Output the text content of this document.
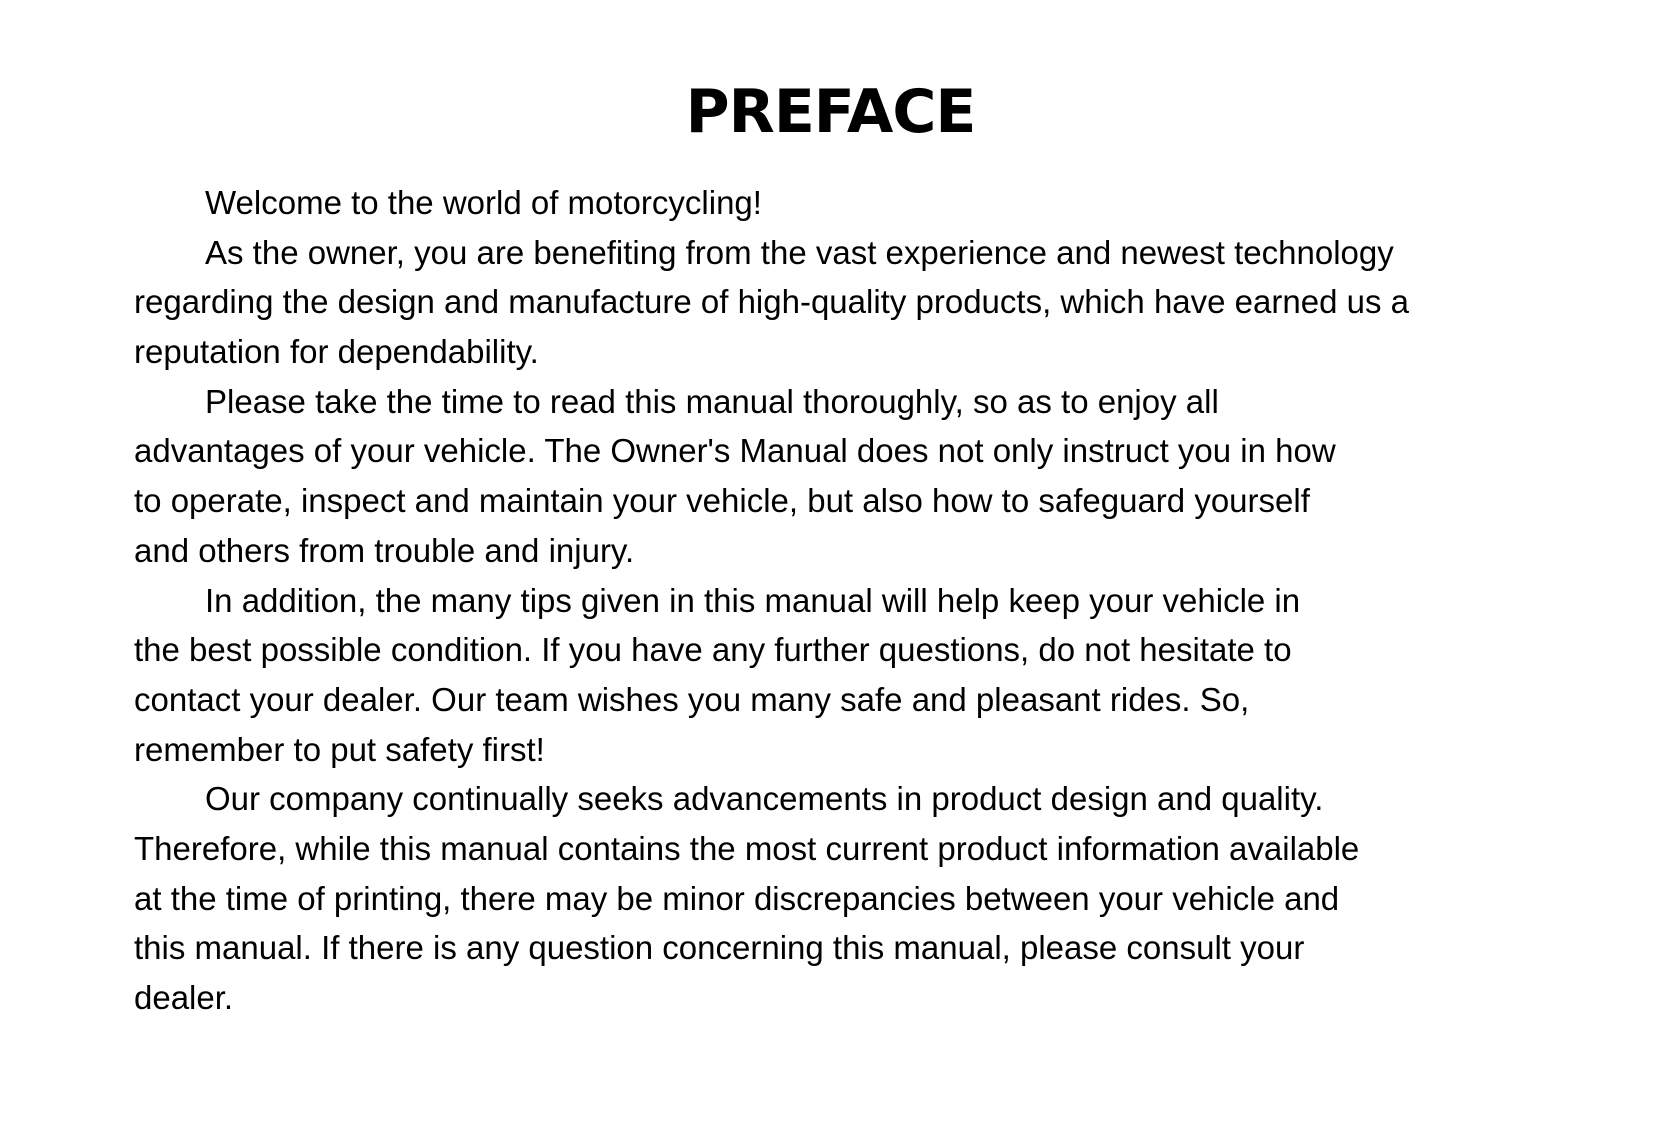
PREFACE
Welcome to the world of motorcycling!
As the owner, you are benefiting from the vast experience and newest technology
regarding the design and manufacture of high-quality products, which have earned us a
reputation for dependability.
Please take the time to read this manual thoroughly, so as to enjoy all
advantages of your vehicle. The Owner's Manual does not only instruct you in how
to operate, inspect and maintain your vehicle, but also how to safeguard yourself
and others from trouble and injury.
In addition, the many tips given in this manual will help keep your vehicle in
the best possible condition. If you have any further questions, do not hesitate to
contact your dealer. Our team wishes you many safe and pleasant rides. So,
remember to put safety first!
Our company continually seeks advancements in product design and quality.
Therefore, while this manual contains the most current product information available
at the time of printing, there may be minor discrepancies between your vehicle and
this manual. If there is any question concerning this manual, please consult your
dealer.
